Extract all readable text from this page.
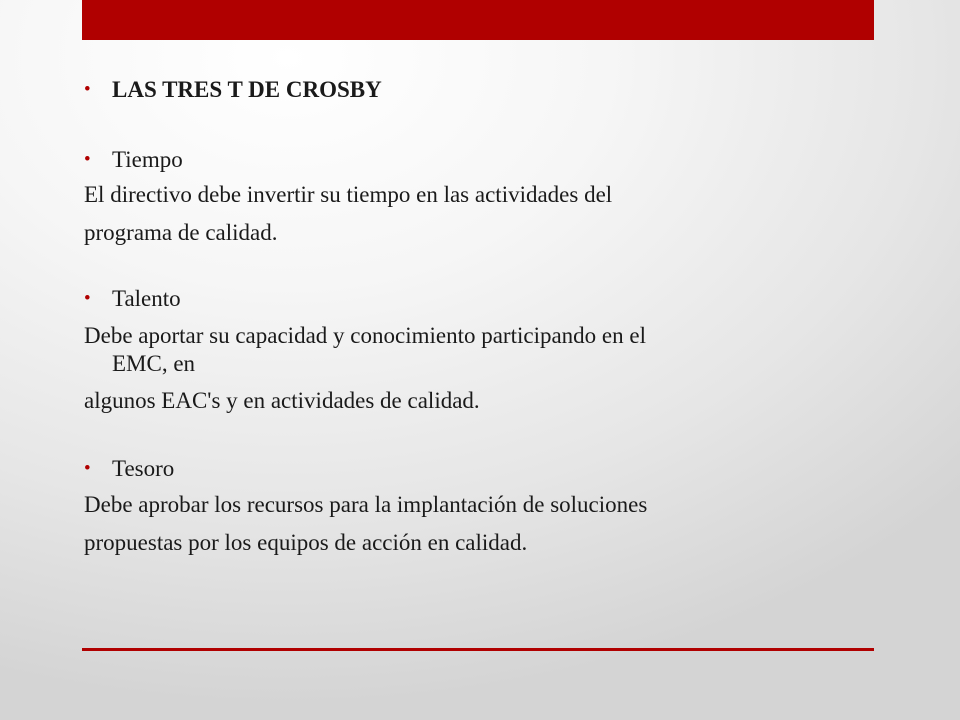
• LAS TRES T DE CROSBY
• Tiempo
El directivo debe invertir su tiempo en las actividades del
programa de calidad.
• Talento
Debe aportar su capacidad y conocimiento participando en el
EMC, en
algunos EAC's y en actividades de calidad.
• Tesoro
Debe aprobar los recursos para la implantación de soluciones
propuestas por los equipos de acción en calidad.
